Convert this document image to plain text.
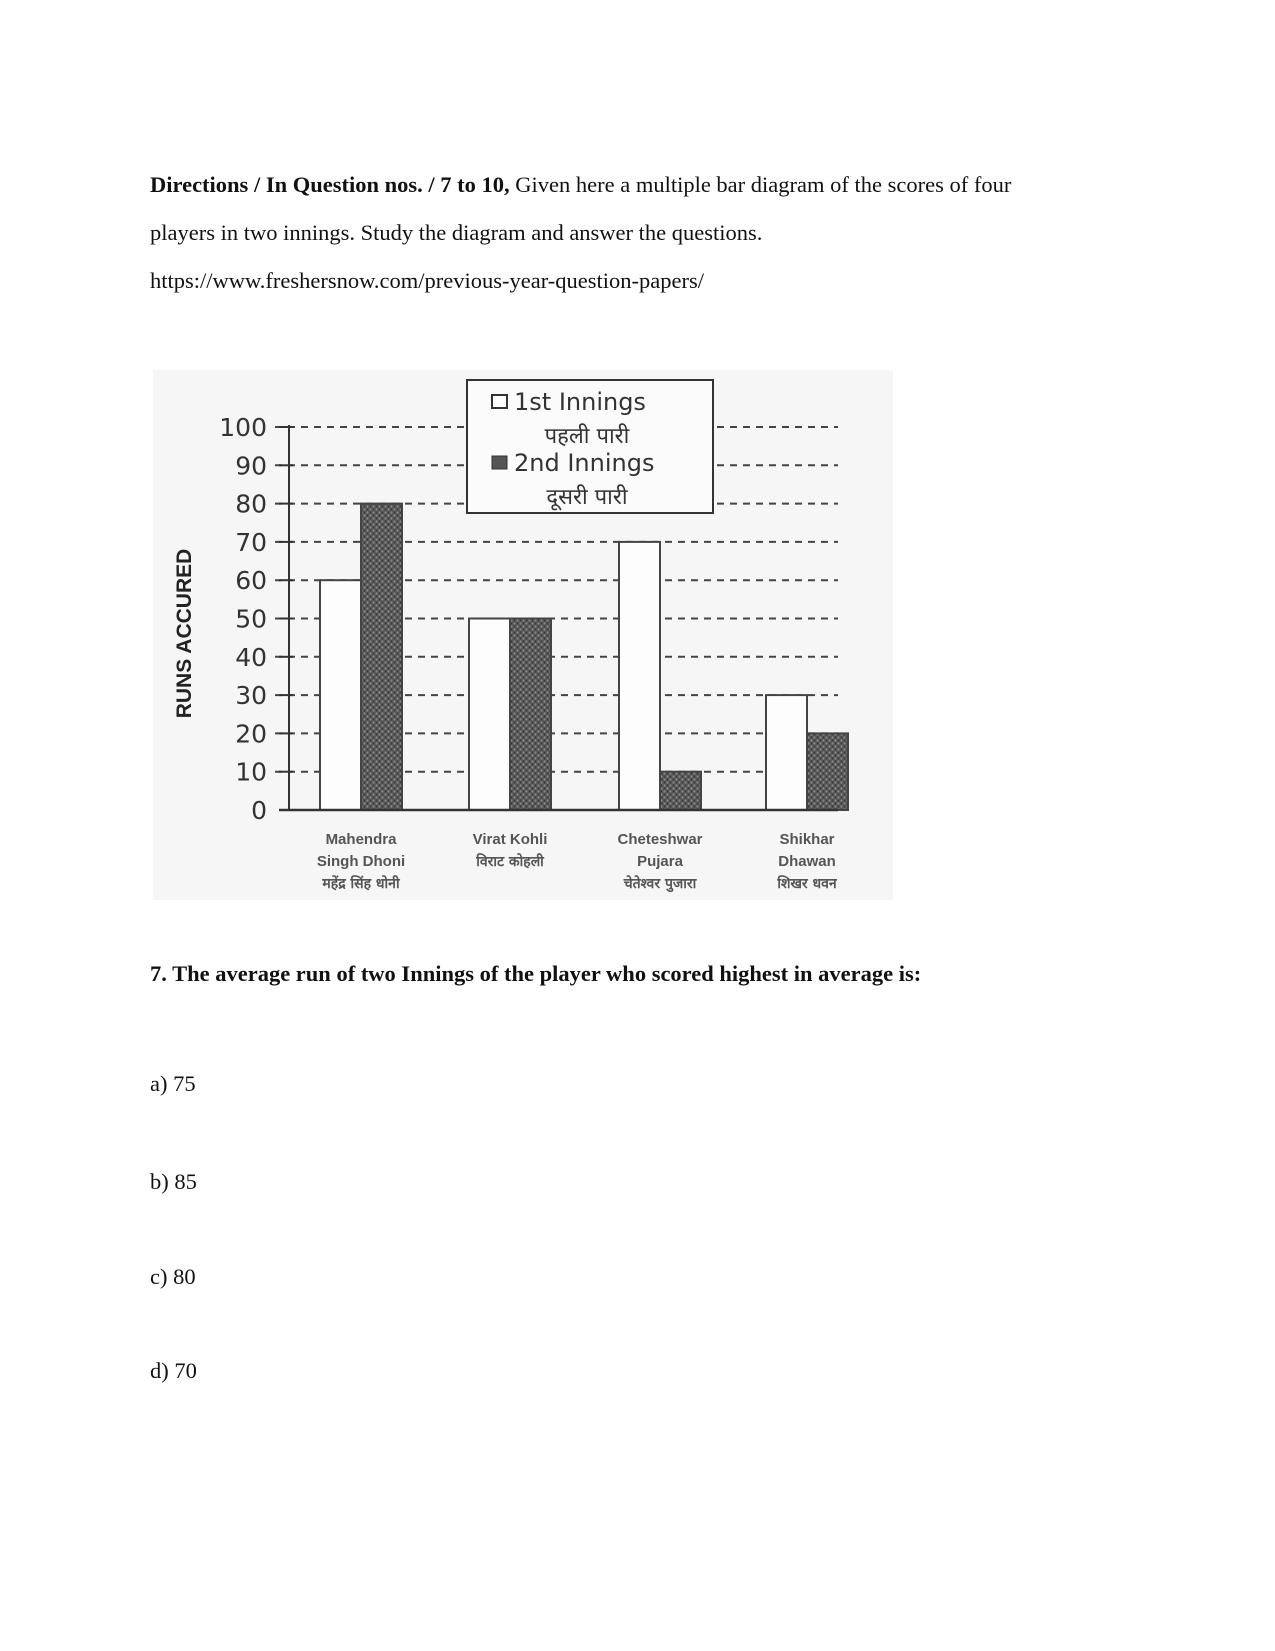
Directions / In Question nos. / 7 to 10, Given here a multiple bar diagram of the scores of four
players in two innings. Study the diagram and answer the questions.
https://www.freshersnow.com/previous-year-question-papers/
0
10
20
30
40
50
60
70
80
90
100
RUNS ACCURED
Mahendra
Singh Dhoni
महेंद्र सिंह धोनी
Virat Kohli
विराट कोहली
Cheteshwar
Pujara
चेतेश्वर पुजारा
Shikhar
Dhawan
शिखर धवन
1st Innings
पहली पारी
2nd Innings
दूसरी पारी
7. The average run of two Innings of the player who scored highest in average is:
a) 75
b) 85
c) 80
d) 70
